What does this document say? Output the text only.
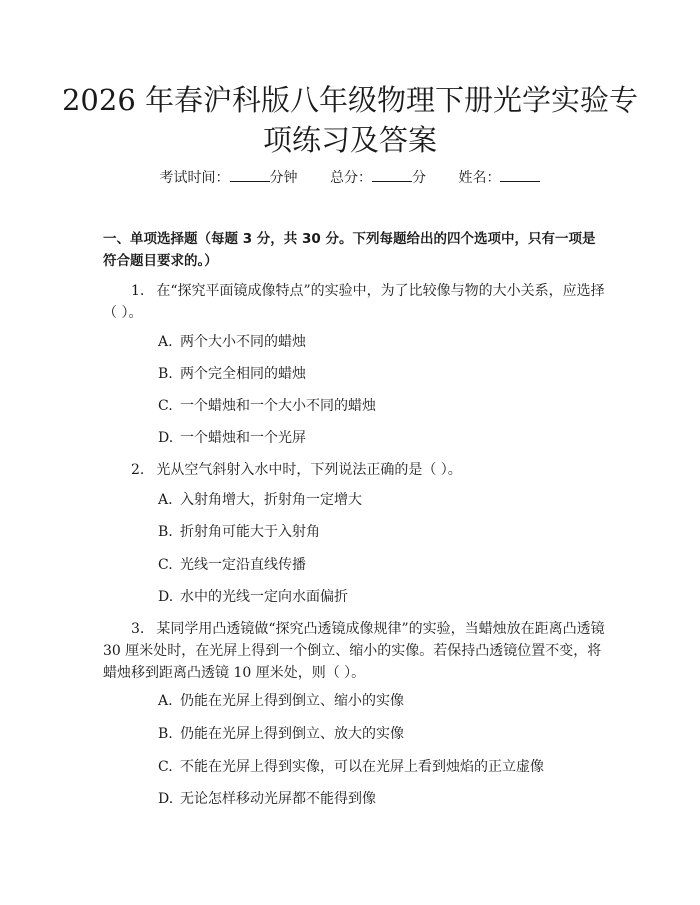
2026 年春沪科版八年级物理下册光学实验专
项练习及答案
考试时间：	分钟 总分：	分 姓名：
一、单项选择题（每题 3 分，共 30 分。下列每题给出的四个选项中，只有一项是符合题目要求的。）
1. 在“探究平面镜成像特点”的实验中，为了比较像与物的大小关系，应选择（ ）。
A. 两个大小不同的蜡烛
B. 两个完全相同的蜡烛
C. 一个蜡烛和一个大小不同的蜡烛
D. 一个蜡烛和一个光屏
2. 光从空气斜射入水中时，下列说法正确的是（ ）。
A. 入射角增大，折射角一定增大
B. 折射角可能大于入射角
C. 光线一定沿直线传播
D. 水中的光线一定向水面偏折
3. 某同学用凸透镜做“探究凸透镜成像规律”的实验，当蜡烛放在距离凸透镜 30 厘米处时，在光屏上得到一个倒立、缩小的实像。若保持凸透镜位置不变，将蜡烛移到距离凸透镜 10 厘米处，则（ ）。
A. 仍能在光屏上得到倒立、缩小的实像
B. 仍能在光屏上得到倒立、放大的实像
C. 不能在光屏上得到实像，可以在光屏上看到烛焰的正立虚像
D. 无论怎样移动光屏都不能得到像
